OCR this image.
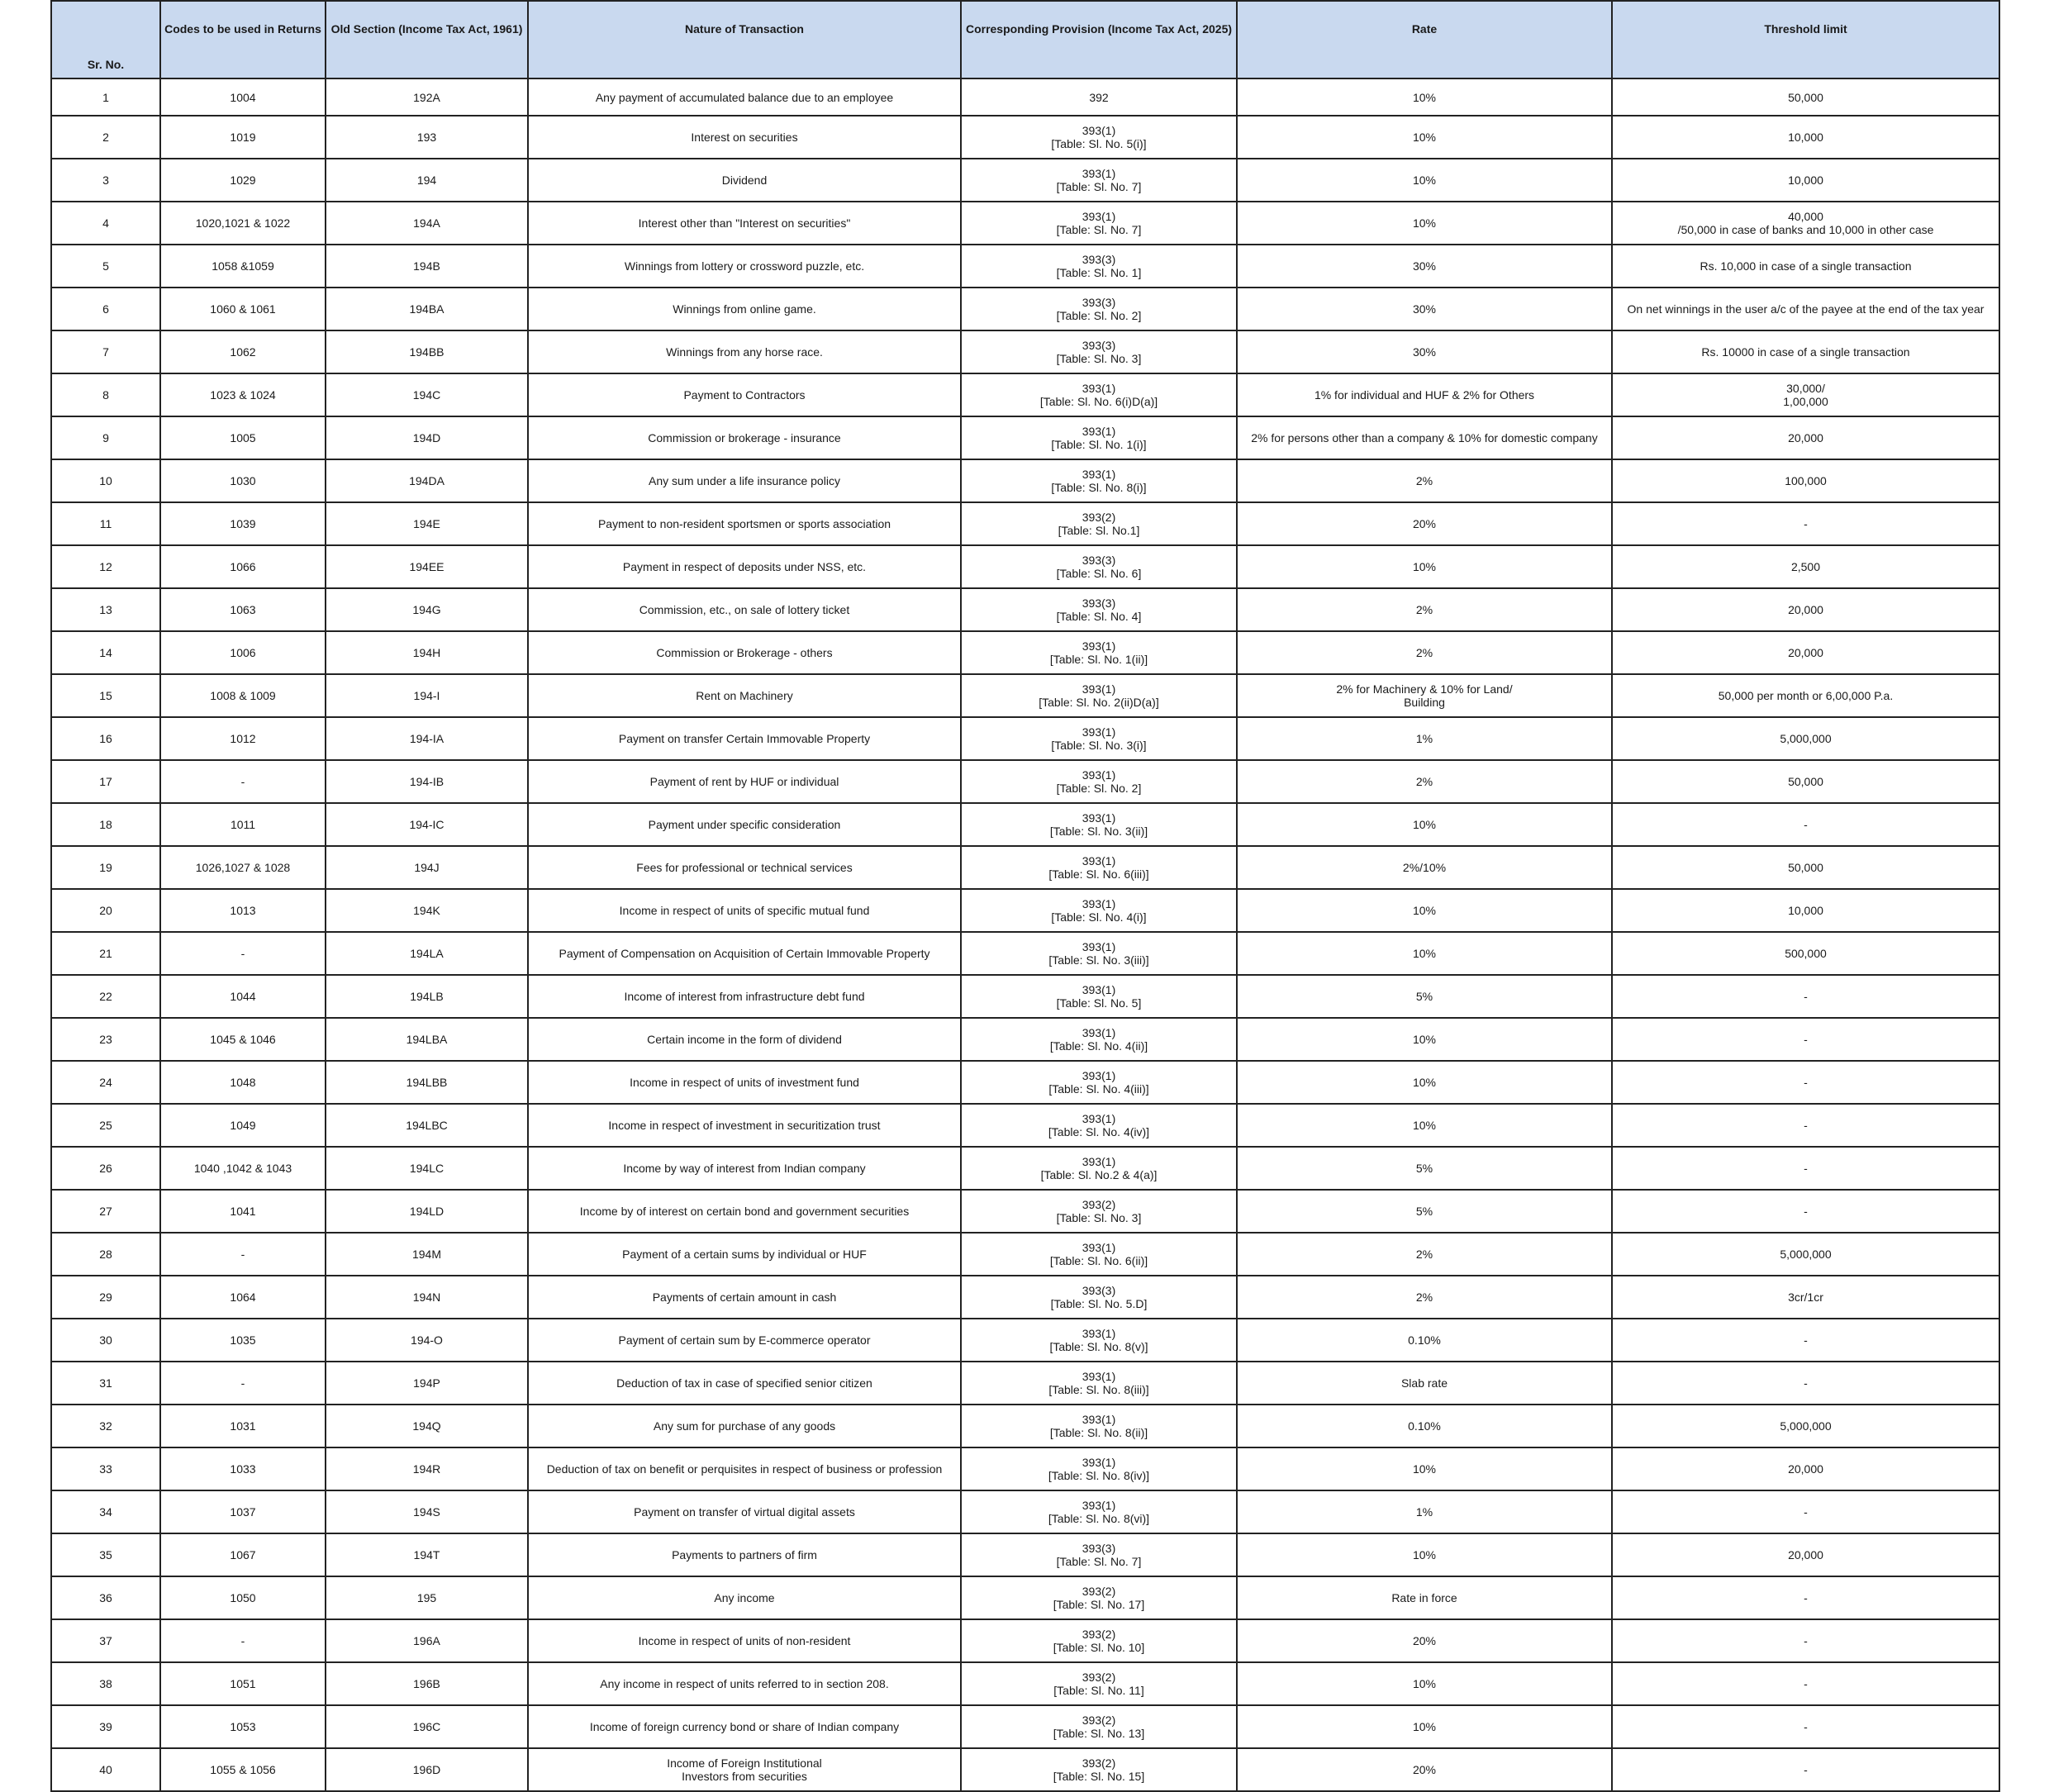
Sr. No.	Codes to be used in Returns	Old Section (Income Tax Act, 1961)	Nature of Transaction	Corresponding Provision (Income Tax Act, 2025)	Rate	Threshold limit

1	1004	192A	Any payment of accumulated balance due to an employee	392	10%	50,000

2	1019	193	Interest on securities	393(1)
[Table: Sl. No. 5(i)]	10%	10,000

3	1029	194	Dividend	393(1)
[Table: Sl. No. 7]	10%	10,000

4	1020,1021 & 1022	194A	Interest other than "Interest on securities"	393(1)
[Table: Sl. No. 7]	10%	40,000
/50,000 in case of banks and 10,000 in other case

5	1058 &1059	194B	Winnings from lottery or crossword puzzle, etc.	393(3)
[Table: Sl. No. 1]	30%	Rs. 10,000 in case of a single transaction

6	1060 & 1061	194BA	Winnings from online game.	393(3)
[Table: Sl. No. 2]	30%	On net winnings in the user a/c of the payee at the end of the tax year

7	1062	194BB	Winnings from any horse race.	393(3)
[Table: Sl. No. 3]	30%	Rs. 10000 in case of a single transaction

8	1023 & 1024	194C	Payment to Contractors	393(1)
[Table: Sl. No. 6(i)D(a)]	1% for individual and HUF & 2% for Others	30,000/
1,00,000

9	1005	194D	Commission or brokerage - insurance	393(1)
[Table: Sl. No. 1(i)]	2% for persons other than a company & 10% for domestic company	20,000

10	1030	194DA	Any sum under a life insurance policy	393(1)
[Table: Sl. No. 8(i)]	2%	100,000

11	1039	194E	Payment to non-resident sportsmen or sports association	393(2)
[Table: Sl. No.1]	20%	-

12	1066	194EE	Payment in respect of deposits under NSS, etc.	393(3)
[Table: Sl. No. 6]	10%	2,500

13	1063	194G	Commission, etc., on sale of lottery ticket	393(3)
[Table: Sl. No. 4]	2%	20,000

14	1006	194H	Commission or Brokerage - others	393(1)
[Table: Sl. No. 1(ii)]	2%	20,000

15	1008 & 1009	194-I	Rent on Machinery	393(1)
[Table: Sl. No. 2(ii)D(a)]	2% for Machinery & 10% for Land/
Building	50,000 per month or 6,00,000 P.a.

16	1012	194-IA	Payment on transfer Certain Immovable Property	393(1)
[Table: Sl. No. 3(i)]	1%	5,000,000

17	-	194-IB	Payment of rent by HUF or individual	393(1)
[Table: Sl. No. 2]	2%	50,000

18	1011	194-IC	Payment under specific consideration	393(1)
[Table: Sl. No. 3(ii)]	10%	-

19	1026,1027 & 1028	194J	Fees for professional or technical services	393(1)
[Table: Sl. No. 6(iii)]	2%/10%	50,000

20	1013	194K	Income in respect of units of specific mutual fund	393(1)
[Table: Sl. No. 4(i)]	10%	10,000

21	-	194LA	Payment of Compensation on Acquisition of Certain Immovable Property	393(1)
[Table: Sl. No. 3(iii)]	10%	500,000

22	1044	194LB	Income of interest from infrastructure debt fund	393(1)
[Table: Sl. No. 5]	5%	-

23	1045 & 1046	194LBA	Certain income in the form of dividend	393(1)
[Table: Sl. No. 4(ii)]	10%	-

24	1048	194LBB	Income in respect of units of investment fund	393(1)
[Table: Sl. No. 4(iii)]	10%	-

25	1049	194LBC	Income in respect of investment in securitization trust	393(1)
[Table: Sl. No. 4(iv)]	10%	-

26	1040 ,1042 & 1043	194LC	Income by way of interest from Indian company	393(1)
[Table: Sl. No.2 & 4(a)]	5%	-

27	1041	194LD	Income by of interest on certain bond and government securities	393(2)
[Table: Sl. No. 3]	5%	-

28	-	194M	Payment of a certain sums by individual or HUF	393(1)
[Table: Sl. No. 6(ii)]	2%	5,000,000

29	1064	194N	Payments of certain amount in cash	393(3)
[Table: Sl. No. 5.D]	2%	3cr/1cr

30	1035	194-O	Payment of certain sum by E-commerce operator	393(1)
[Table: Sl. No. 8(v)]	0.10%	-

31	-	194P	Deduction of tax in case of specified senior citizen	393(1)
[Table: Sl. No. 8(iii)]	Slab rate	-

32	1031	194Q	Any sum for purchase of any goods	393(1)
[Table: Sl. No. 8(ii)]	0.10%	5,000,000

33	1033	194R	Deduction of tax on benefit or perquisites in respect of business or profession	393(1)
[Table: Sl. No. 8(iv)]	10%	20,000

34	1037	194S	Payment on transfer of virtual digital assets	393(1)
[Table: Sl. No. 8(vi)]	1%	-

35	1067	194T	Payments to partners of firm	393(3)
[Table: Sl. No. 7]	10%	20,000

36	1050	195	Any income	393(2)
[Table: Sl. No. 17]	Rate in force	-

37	-	196A	Income in respect of units of non-resident	393(2)
[Table: Sl. No. 10]	20%	-

38	1051	196B	Any income in respect of units referred to in section 208.	393(2)
[Table: Sl. No. 11]	10%	-

39	1053	196C	Income of foreign currency bond or share of Indian company	393(2)
[Table: Sl. No. 13]	10%	-

40	1055 & 1056	196D	Income of Foreign Institutional
Investors from securities	393(2)
[Table: Sl. No. 15]	20%	-
